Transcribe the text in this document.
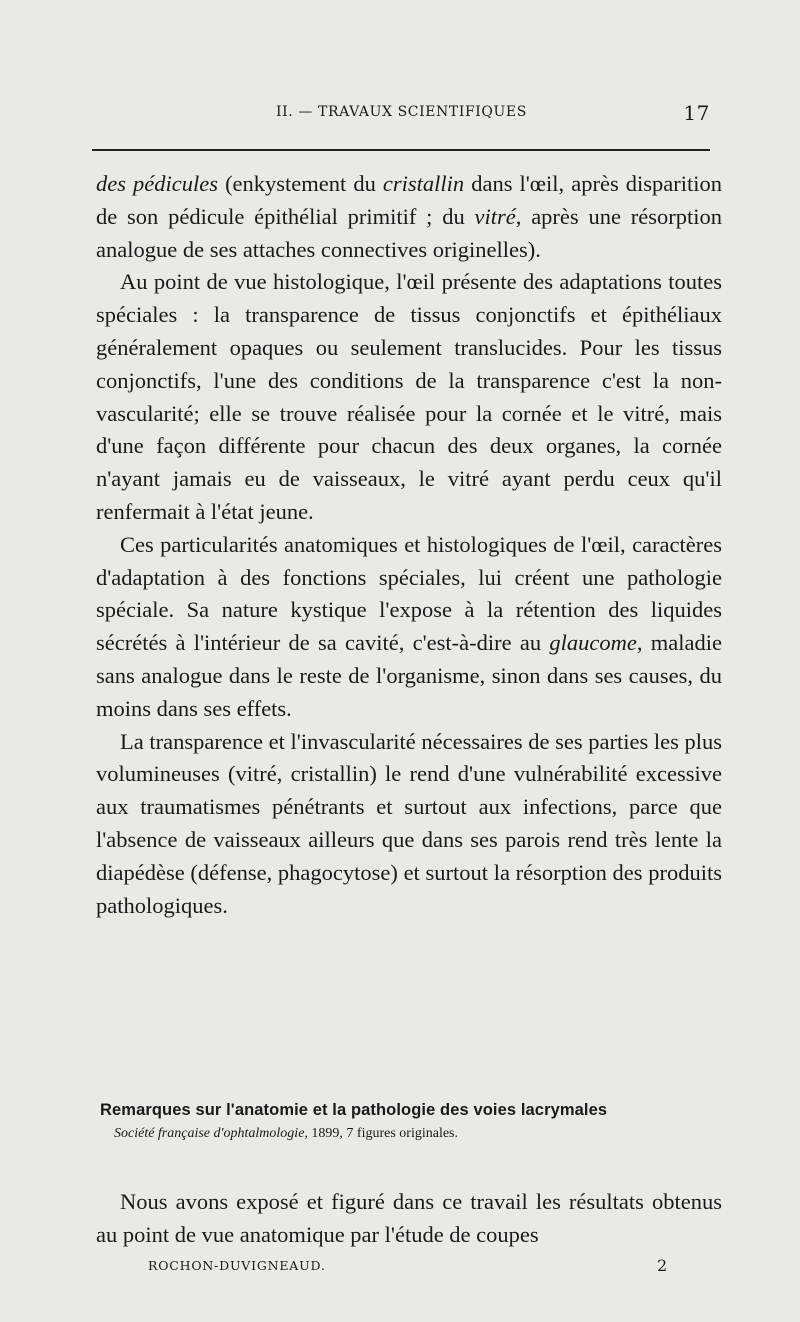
II. — TRAVAUX SCIENTIFIQUES	17

des pédicules (enkystement du cristallin dans l'œil, après disparition de son pédicule épithélial primitif ; du vitré, après une résorption analogue de ses attaches connectives originelles).

Au point de vue histologique, l'œil présente des adaptations toutes spéciales : la transparence de tissus conjonctifs et épithéliaux généralement opaques ou seulement translucides. Pour les tissus conjonctifs, l'une des conditions de la transparence c'est la non-vascularité; elle se trouve réalisée pour la cornée et le vitré, mais d'une façon différente pour chacun des deux organes, la cornée n'ayant jamais eu de vaisseaux, le vitré ayant perdu ceux qu'il renfermait à l'état jeune.

Ces particularités anatomiques et histologiques de l'œil, caractères d'adaptation à des fonctions spéciales, lui créent une pathologie spéciale. Sa nature kystique l'expose à la rétention des liquides sécrétés à l'intérieur de sa cavité, c'est-à-dire au glaucome, maladie sans analogue dans le reste de l'organisme, sinon dans ses causes, du moins dans ses effets.

La transparence et l'invascularité nécessaires de ses parties les plus volumineuses (vitré, cristallin) le rend d'une vulnérabilité excessive aux traumatismes pénétrants et surtout aux infections, parce que l'absence de vaisseaux ailleurs que dans ses parois rend très lente la diapédèse (défense, phagocytose) et surtout la résorption des produits pathologiques.

Remarques sur l'anatomie et la pathologie des voies lacrymales
Société française d'ophtalmologie, 1899, 7 figures originales.

Nous avons exposé et figuré dans ce travail les résultats obtenus au point de vue anatomique par l'étude de coupes

ROCHON-DUVIGNEAUD.	2
